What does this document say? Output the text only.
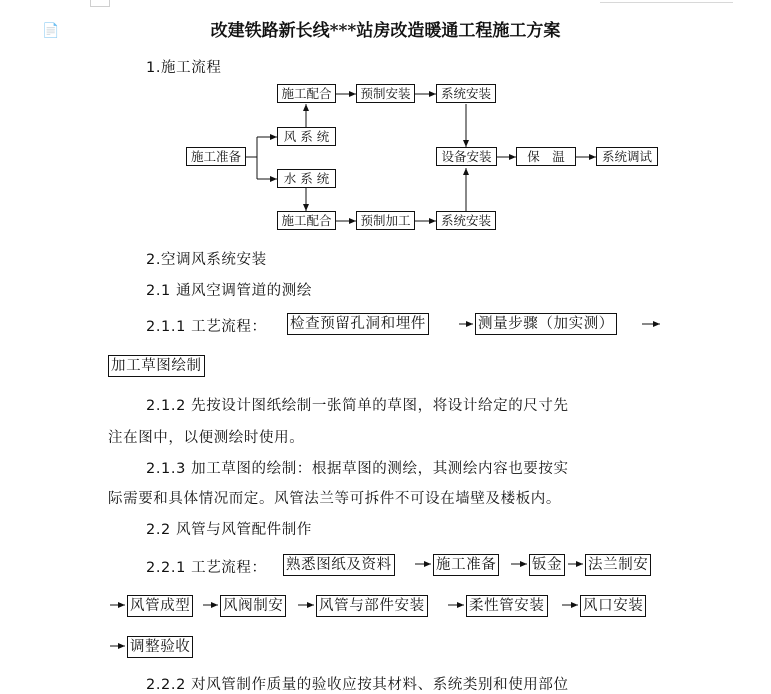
📄	改建铁路新长线***站房改造暖通工程施工方案
1.施工流程
施工准备
风 系 统
水 系 统
施工配合	预制安装	系统安装
施工配合	预制加工	系统安装
设备安装	保　温	系统调试
2.空调风系统安装
2.1 通风空调管道的测绘
2.1.1 工艺流程： 检查预留孔洞和埋件	测量步骤（加实测）
加工草图绘制
2.1.2 先按设计图纸绘制一张简单的草图，将设计给定的尺寸先
注在图中，以便测绘时使用。
2.1.3 加工草图的绘制：根据草图的测绘，其测绘内容也要按实
际需要和具体情况而定。风管法兰等可拆件不可设在墙壁及楼板内。
2.2 风管与风管配件制作
2.2.1 工艺流程： 熟悉图纸及资料	施工准备 钣金 法兰制安
风管成型 风阀制安 风管与部件安装	柔性管安装	风口安装
调整验收
2.2.2 对风管制作质量的验收应按其材料、系统类别和使用部位
